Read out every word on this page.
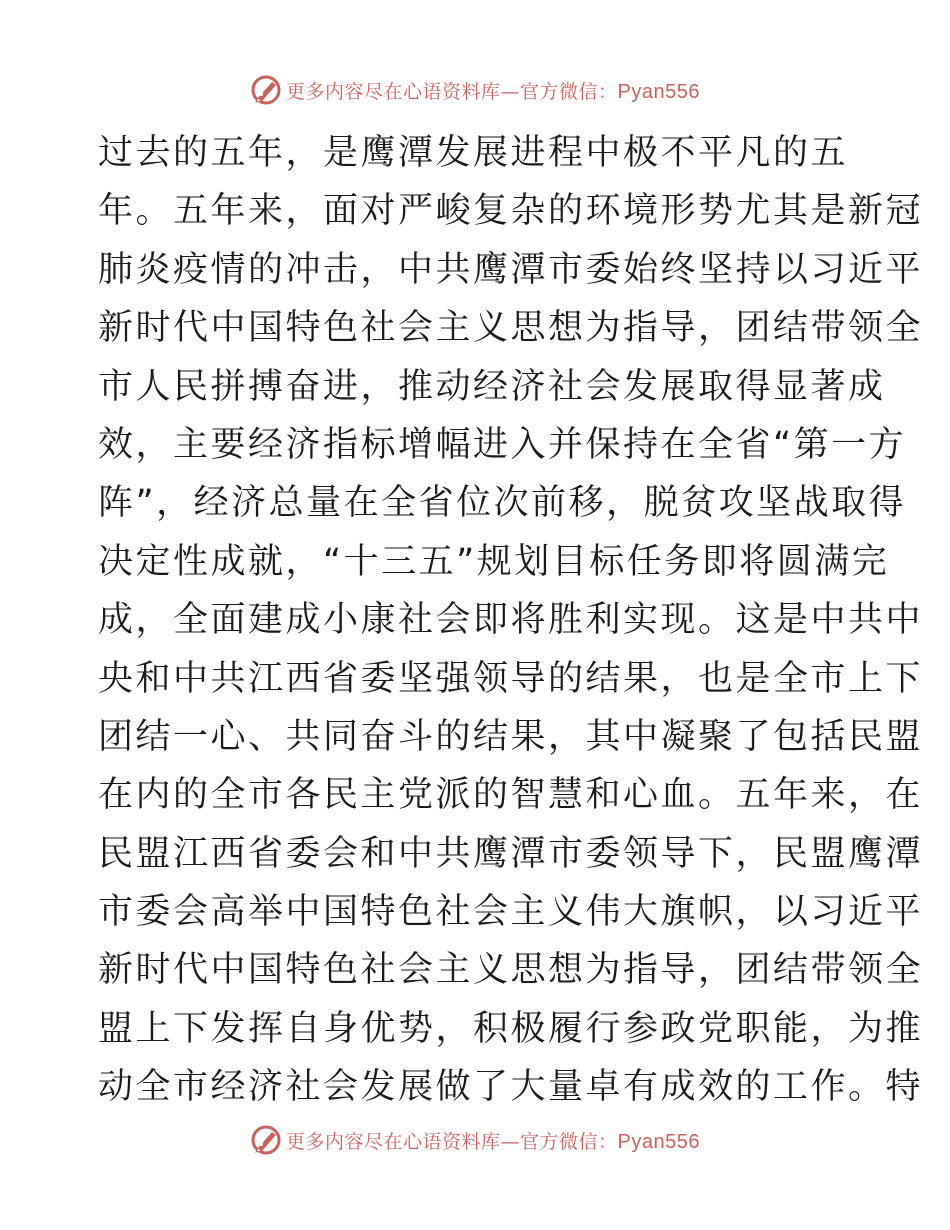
更多内容尽在心语资料库—官方微信：Pyan556
过去的五年，是鹰潭发展进程中极不平凡的五
年。五年来，面对严峻复杂的环境形势尤其是新冠
肺炎疫情的冲击，中共鹰潭市委始终坚持以习近平
新时代中国特色社会主义思想为指导，团结带领全
市人民拼搏奋进，推动经济社会发展取得显著成
效，主要经济指标增幅进入并保持在全省“第一方
阵”，经济总量在全省位次前移，脱贫攻坚战取得
决定性成就，“十三五”规划目标任务即将圆满完
成，全面建成小康社会即将胜利实现。这是中共中
央和中共江西省委坚强领导的结果，也是全市上下
团结一心、共同奋斗的结果，其中凝聚了包括民盟
在内的全市各民主党派的智慧和心血。五年来，在
民盟江西省委会和中共鹰潭市委领导下，民盟鹰潭
市委会高举中国特色社会主义伟大旗帜，以习近平
新时代中国特色社会主义思想为指导，团结带领全
盟上下发挥自身优势，积极履行参政党职能，为推
动全市经济社会发展做了大量卓有成效的工作。特
更多内容尽在心语资料库—官方微信：Pyan556
